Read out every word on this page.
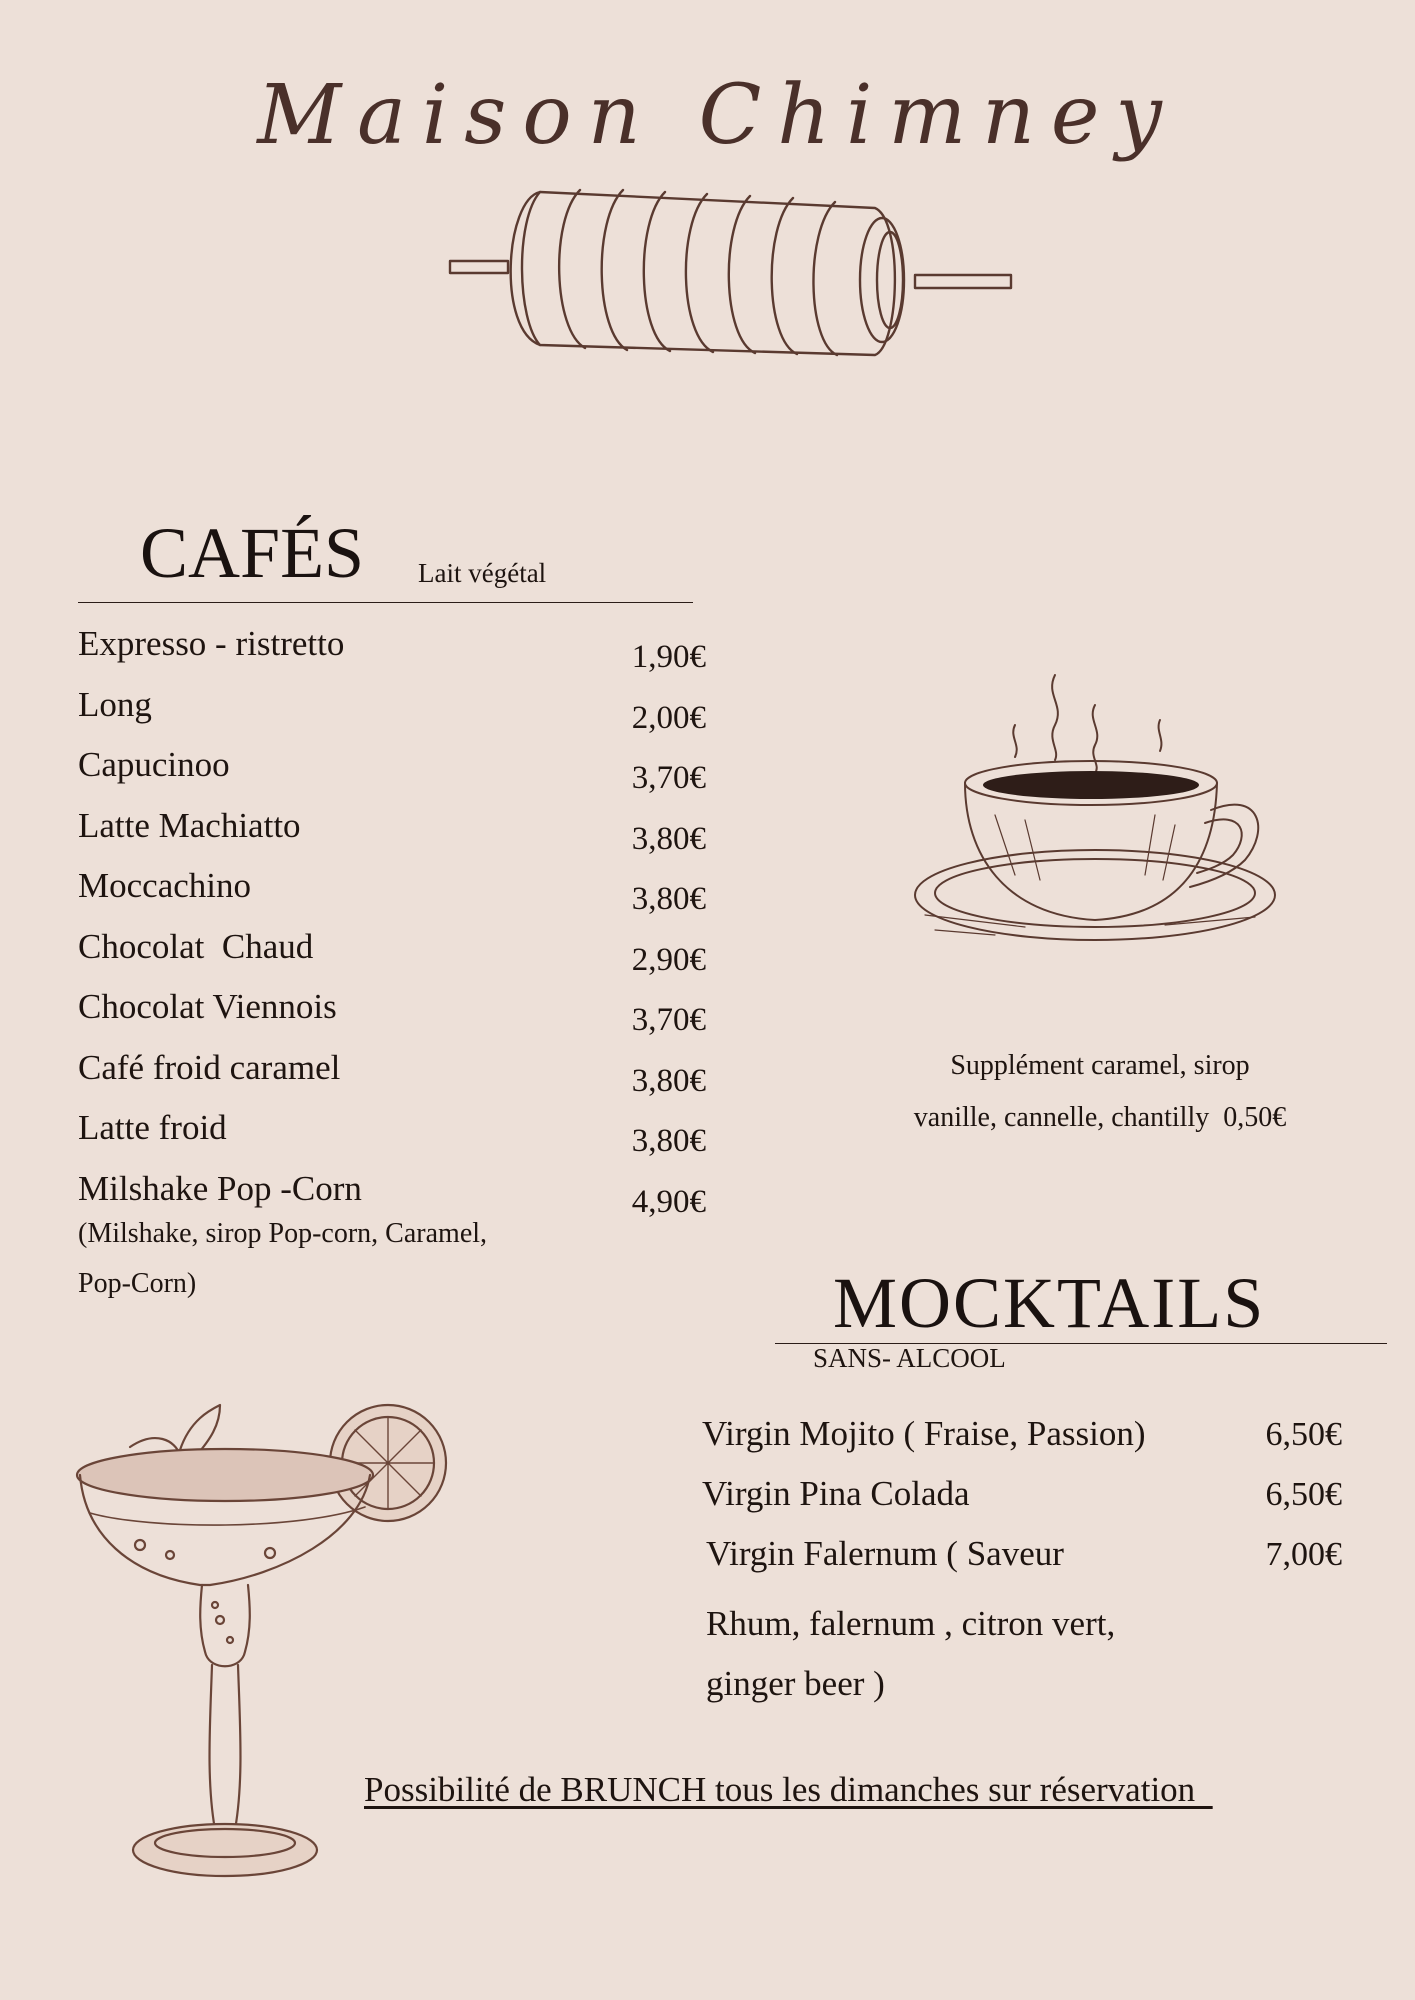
Maison Chimney
CAFÉS Lait végétal
Expresso - ristretto	1,90€
Long	2,00€
Capucinoo	3,70€
Latte Machiatto	3,80€
Moccachino	3,80€
Chocolat  Chaud	2,90€
Chocolat Viennois	3,70€
Café froid caramel	3,80€
Latte froid	3,80€
Milshake Pop -Corn	4,90€
(Milshake, sirop Pop-corn, Caramel, Pop-Corn)
Supplément caramel, sirop
vanille, cannelle, chantilly  0,50€
MOCKTAILS
SANS- ALCOOL
Virgin Mojito ( Fraise, Passion)	6,50€
Virgin Pina Colada	6,50€
Virgin Falernum ( Saveur	7,00€
Rhum, falernum , citron vert,
ginger beer )
Possibilité de BRUNCH tous les dimanches sur réservation
